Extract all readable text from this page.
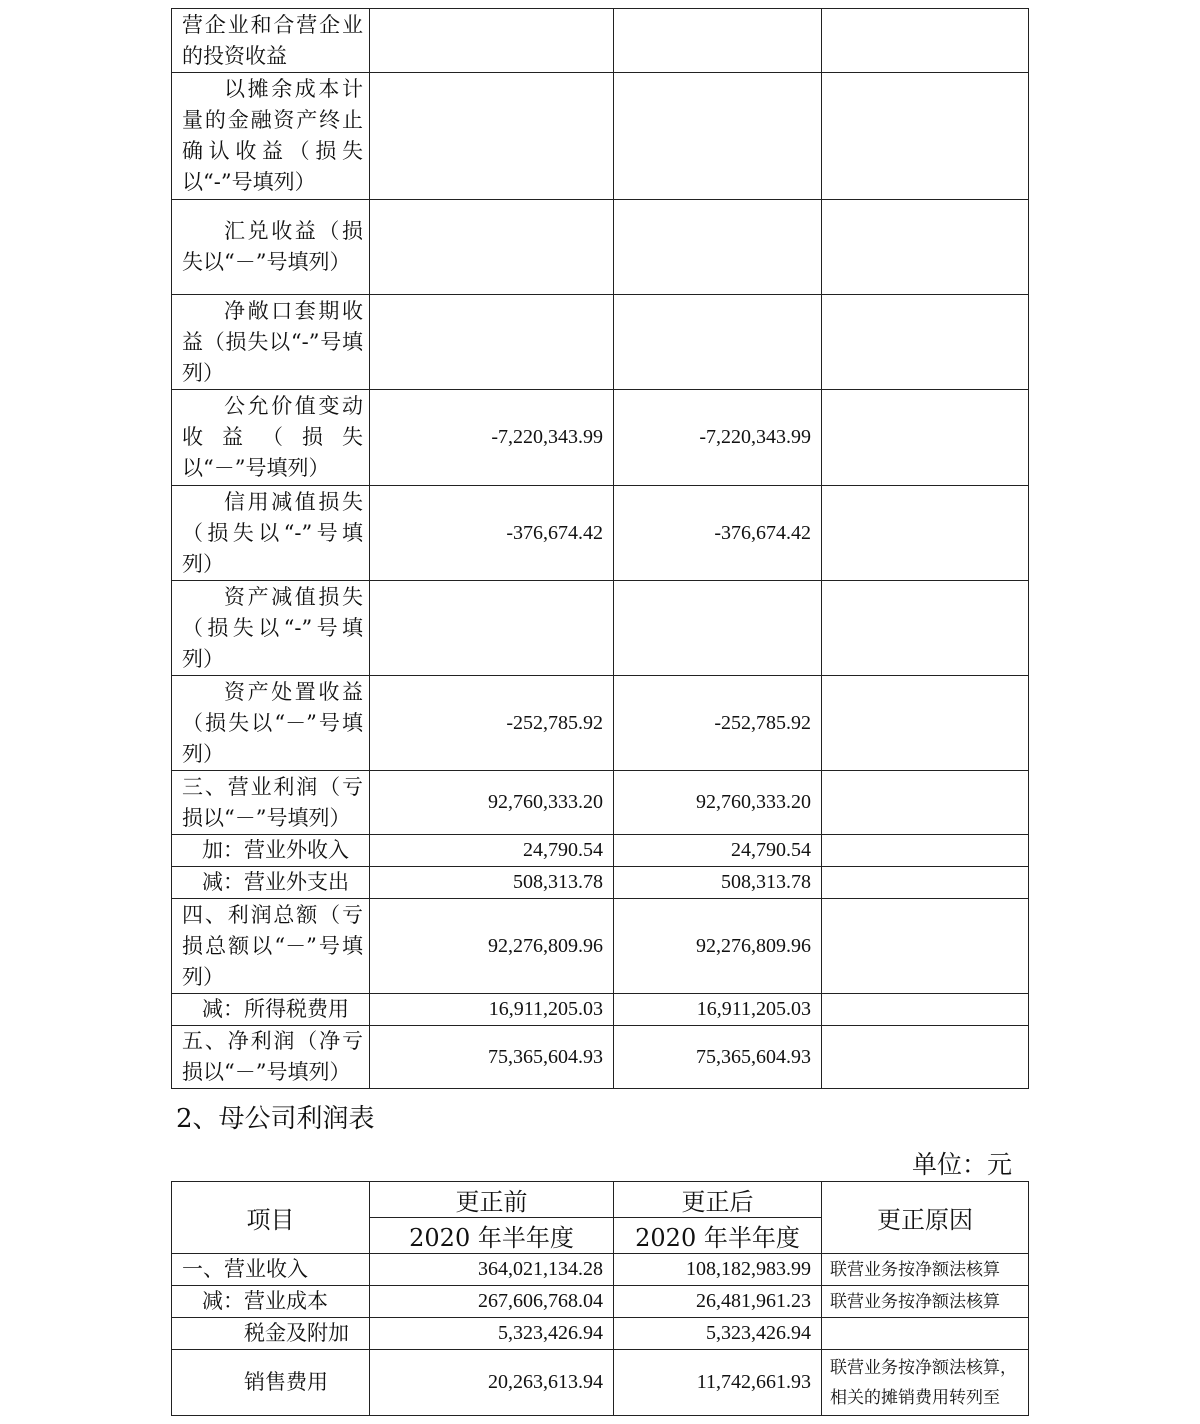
营企业和合营企业的投资收益			
以摊余成本计量的金融资产终止确认收益（损失以“-”号填列）			
汇兑收益（损失以“－”号填列）			
净敞口套期收益（损失以“-”号填列）			
公允价值变动收益（损失以“－”号填列）	-7,220,343.99	-7,220,343.99	
信用减值损失（损失以“-”号填列）	-376,674.42	-376,674.42	
资产减值损失（损失以“-”号填列）			
资产处置收益（损失以“－”号填列）	-252,785.92	-252,785.92	
三、营业利润（亏损以“－”号填列）	92,760,333.20	92,760,333.20	
加：营业外收入	24,790.54	24,790.54	
减：营业外支出	508,313.78	508,313.78	
四、利润总额（亏损总额以“－”号填列）	92,276,809.96	92,276,809.96	
减：所得税费用	16,911,205.03	16,911,205.03	
五、净利润（净亏损以“－”号填列）	75,365,604.93	75,365,604.93	
2、母公司利润表
单位：元
项目	更正前	更正后	更正原因
	2020 年半年度	2020 年半年度	
一、营业收入	364,021,134.28	108,182,983.99	联营业务按净额法核算
减：营业成本	267,606,768.04	26,481,961.23	联营业务按净额法核算
税金及附加	5,323,426.94	5,323,426.94	
销售费用	20,263,613.94	11,742,661.93	联营业务按净额法核算，相关的摊销费用转列至
